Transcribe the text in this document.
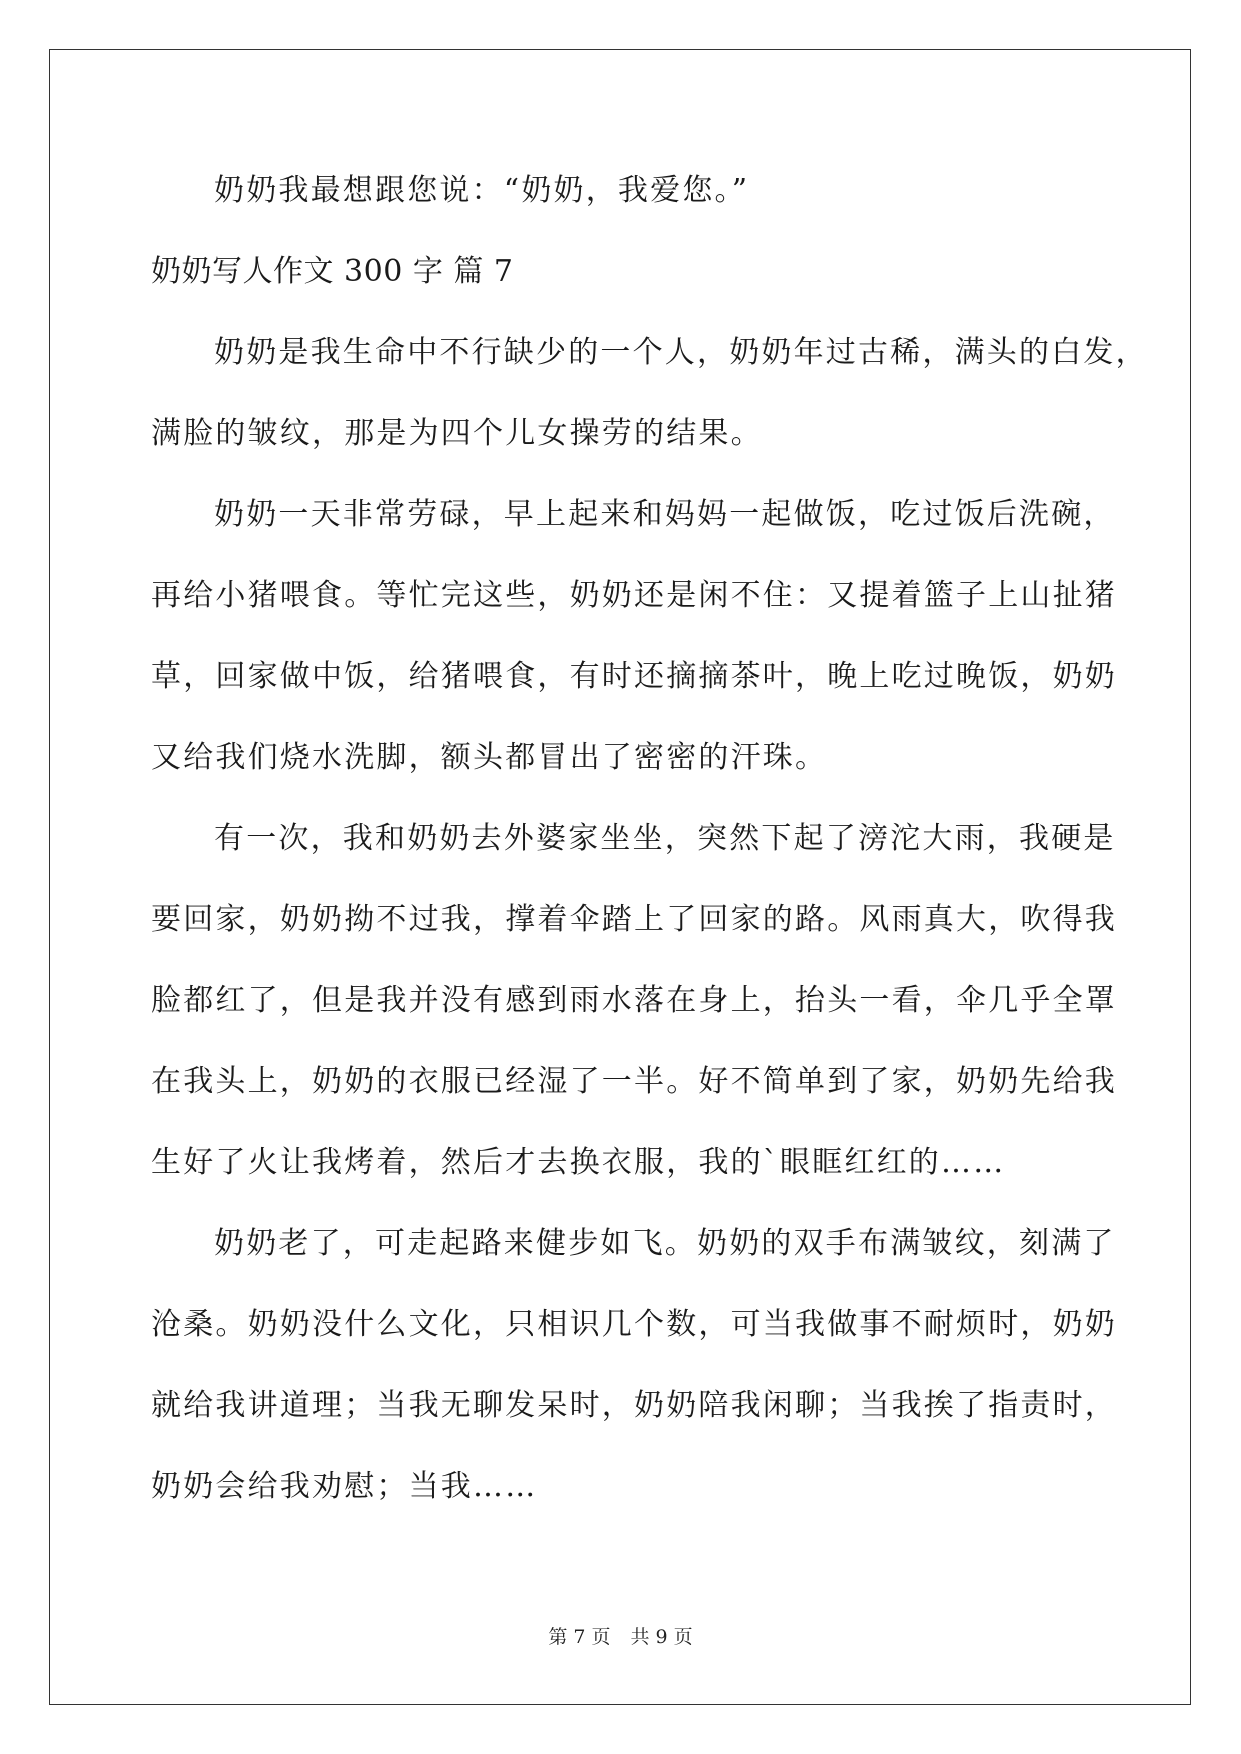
奶奶我最想跟您说：“奶奶，我爱您。”
奶奶写人作文 300 字 篇 7
奶奶是我生命中不行缺少的一个人，奶奶年过古稀，满头的白发，
满脸的皱纹，那是为四个儿女操劳的结果。
奶奶一天非常劳碌，早上起来和妈妈一起做饭，吃过饭后洗碗，
再给小猪喂食。等忙完这些，奶奶还是闲不住：又提着篮子上山扯猪
草，回家做中饭，给猪喂食，有时还摘摘茶叶，晚上吃过晚饭，奶奶
又给我们烧水洗脚，额头都冒出了密密的汗珠。
有一次，我和奶奶去外婆家坐坐，突然下起了滂沱大雨，我硬是
要回家，奶奶拗不过我，撑着伞踏上了回家的路。风雨真大，吹得我
脸都红了，但是我并没有感到雨水落在身上，抬头一看，伞几乎全罩
在我头上，奶奶的衣服已经湿了一半。好不简单到了家，奶奶先给我
生好了火让我烤着，然后才去换衣服，我的`眼眶红红的……
奶奶老了，可走起路来健步如飞。奶奶的双手布满皱纹，刻满了
沧桑。奶奶没什么文化，只相识几个数，可当我做事不耐烦时，奶奶
就给我讲道理；当我无聊发呆时，奶奶陪我闲聊；当我挨了指责时，
奶奶会给我劝慰；当我……
第 7 页 共 9 页
